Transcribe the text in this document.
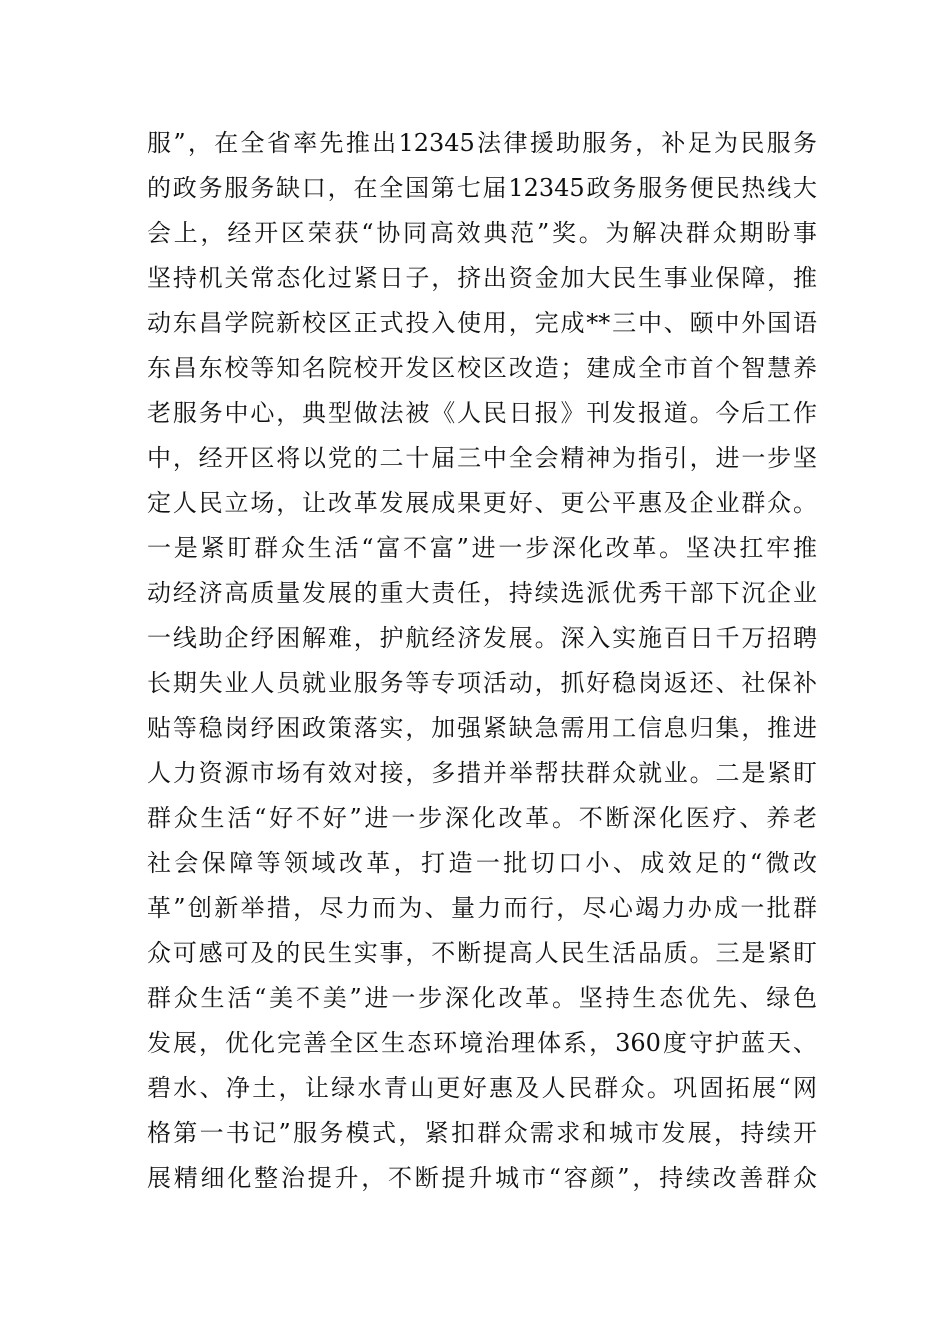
服”，在全省率先推出12345法律援助服务，补足为民服务
的政务服务缺口，在全国第七届12345政务服务便民热线大
会上，经开区荣获“协同高效典范”奖。为解决群众期盼事
坚持机关常态化过紧日子，挤出资金加大民生事业保障，推
动东昌学院新校区正式投入使用，完成**三中、颐中外国语
东昌东校等知名院校开发区校区改造；建成全市首个智慧养
老服务中心，典型做法被《人民日报》刊发报道。今后工作
中，经开区将以党的二十届三中全会精神为指引，进一步坚
定人民立场，让改革发展成果更好、更公平惠及企业群众。
一是紧盯群众生活“富不富”进一步深化改革。坚决扛牢推
动经济高质量发展的重大责任，持续选派优秀干部下沉企业
一线助企纾困解难，护航经济发展。深入实施百日千万招聘
长期失业人员就业服务等专项活动，抓好稳岗返还、社保补
贴等稳岗纾困政策落实，加强紧缺急需用工信息归集，推进
人力资源市场有效对接，多措并举帮扶群众就业。二是紧盯
群众生活“好不好”进一步深化改革。不断深化医疗、养老
社会保障等领域改革，打造一批切口小、成效足的“微改
革”创新举措，尽力而为、量力而行，尽心竭力办成一批群
众可感可及的民生实事，不断提高人民生活品质。三是紧盯
群众生活“美不美”进一步深化改革。坚持生态优先、绿色
发展，优化完善全区生态环境治理体系，360度守护蓝天、
碧水、净土，让绿水青山更好惠及人民群众。巩固拓展“网
格第一书记”服务模式，紧扣群众需求和城市发展，持续开
展精细化整治提升，不断提升城市“容颜”，持续改善群众
